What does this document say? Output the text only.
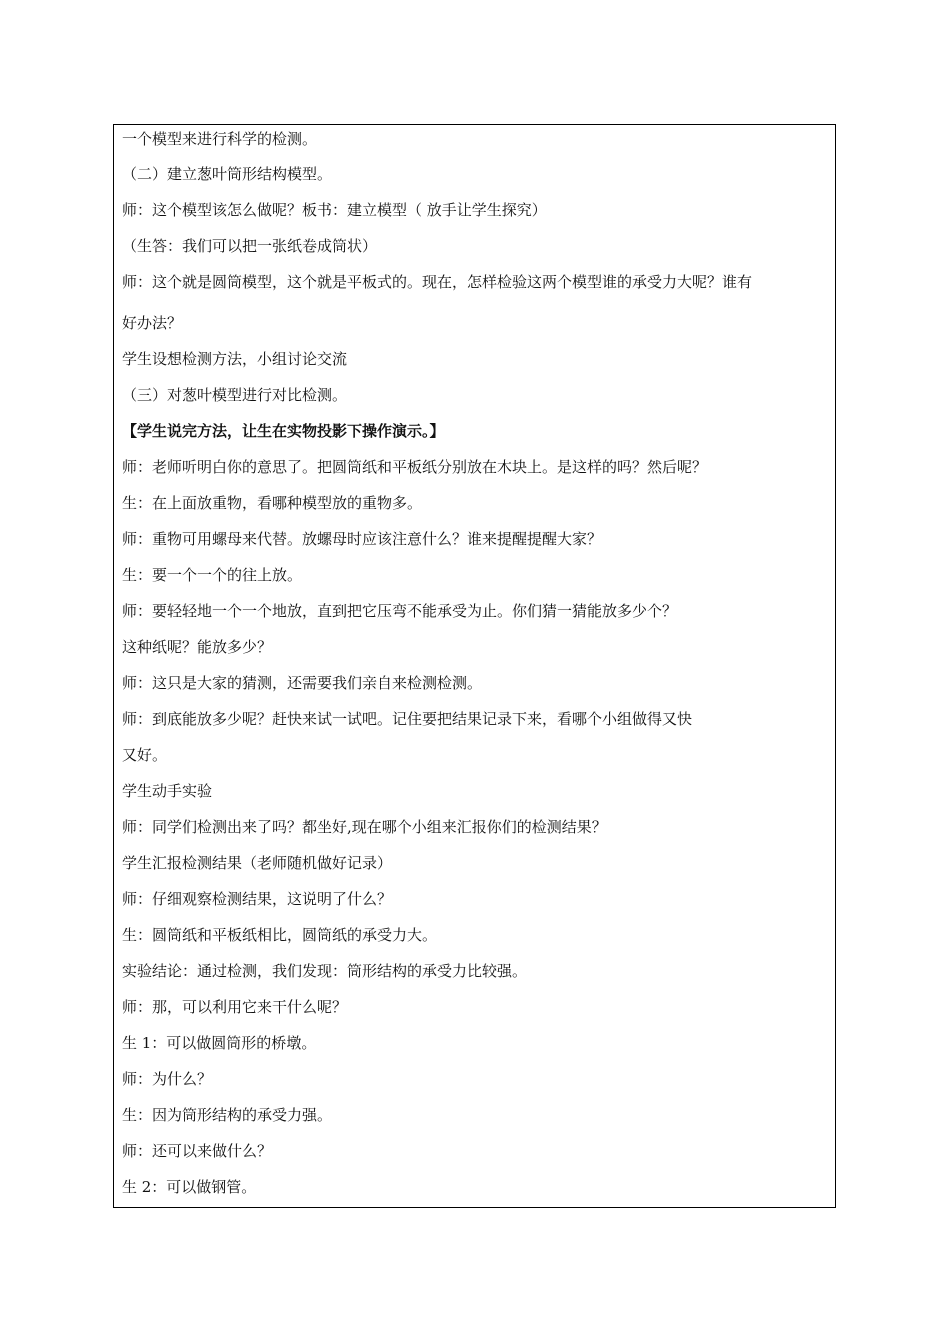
一个模型来进行科学的检测。
（二）建立葱叶筒形结构模型。
师：这个模型该怎么做呢？板书：建立模型（ 放手让学生探究）
（生答：我们可以把一张纸卷成筒状）
师：这个就是圆筒模型，这个就是平板式的。现在，怎样检验这两个模型谁的承受力大呢？谁有
好办法？
学生设想检测方法，小组讨论交流
（三）对葱叶模型进行对比检测。
【学生说完方法，让生在实物投影下操作演示。】
师：老师听明白你的意思了。把圆筒纸和平板纸分别放在木块上。是这样的吗？然后呢？
生：在上面放重物，看哪种模型放的重物多。
师：重物可用螺母来代替。放螺母时应该注意什么？谁来提醒提醒大家？
生：要一个一个的往上放。
师：要轻轻地一个一个地放，直到把它压弯不能承受为止。你们猜一猜能放多少个？
这种纸呢？能放多少？
师：这只是大家的猜测，还需要我们亲自来检测检测。
师：到底能放多少呢？赶快来试一试吧。记住要把结果记录下来，看哪个小组做得又快
又好。
学生动手实验
师：同学们检测出来了吗？都坐好,现在哪个小组来汇报你们的检测结果？
学生汇报检测结果（老师随机做好记录）
师：仔细观察检测结果，这说明了什么？
生：圆筒纸和平板纸相比，圆筒纸的承受力大。
实验结论：通过检测，我们发现：筒形结构的承受力比较强。
师：那，可以利用它来干什么呢？
生 1：可以做圆筒形的桥墩。
师：为什么？
生：因为筒形结构的承受力强。
师：还可以来做什么？
生 2：可以做钢管。
